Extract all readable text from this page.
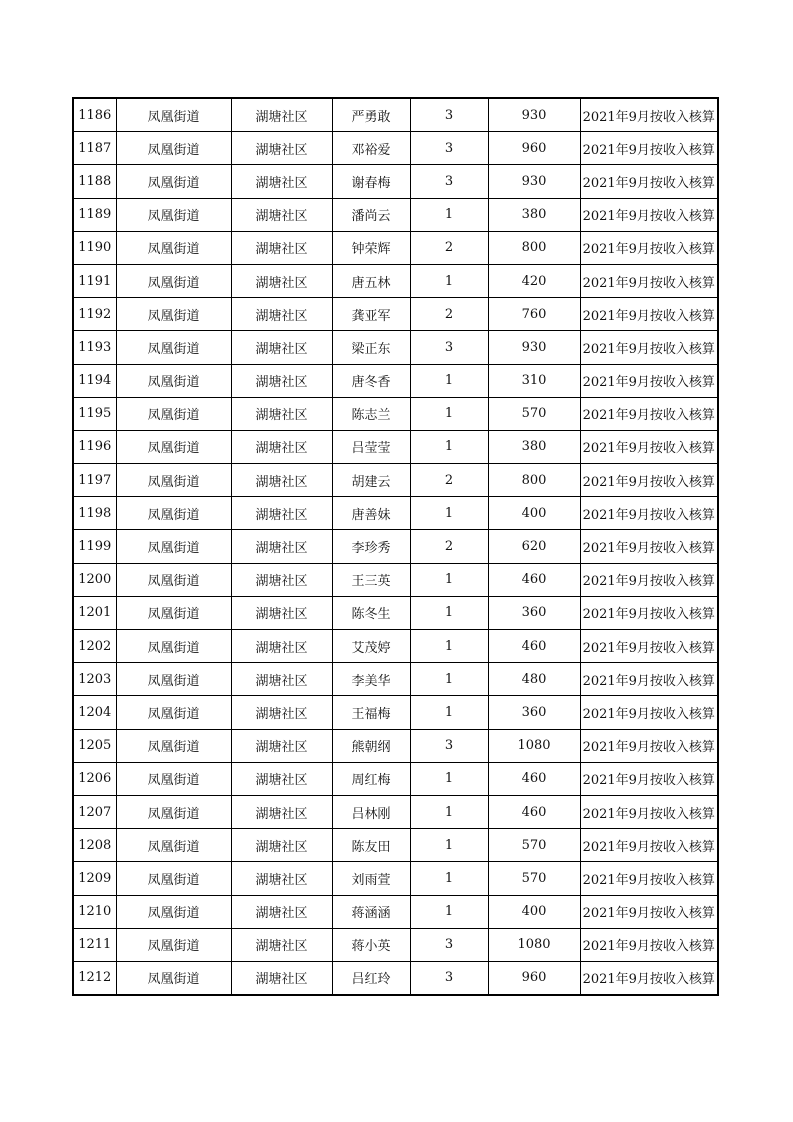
1186	凤凰街道	湖塘社区	严勇敢	3	930	2021年9月按收入核算
1187	凤凰街道	湖塘社区	邓裕爱	3	960	2021年9月按收入核算
1188	凤凰街道	湖塘社区	谢春梅	3	930	2021年9月按收入核算
1189	凤凰街道	湖塘社区	潘尚云	1	380	2021年9月按收入核算
1190	凤凰街道	湖塘社区	钟荣辉	2	800	2021年9月按收入核算
1191	凤凰街道	湖塘社区	唐五林	1	420	2021年9月按收入核算
1192	凤凰街道	湖塘社区	龚亚军	2	760	2021年9月按收入核算
1193	凤凰街道	湖塘社区	梁正东	3	930	2021年9月按收入核算
1194	凤凰街道	湖塘社区	唐冬香	1	310	2021年9月按收入核算
1195	凤凰街道	湖塘社区	陈志兰	1	570	2021年9月按收入核算
1196	凤凰街道	湖塘社区	吕莹莹	1	380	2021年9月按收入核算
1197	凤凰街道	湖塘社区	胡建云	2	800	2021年9月按收入核算
1198	凤凰街道	湖塘社区	唐善妹	1	400	2021年9月按收入核算
1199	凤凰街道	湖塘社区	李珍秀	2	620	2021年9月按收入核算
1200	凤凰街道	湖塘社区	王三英	1	460	2021年9月按收入核算
1201	凤凰街道	湖塘社区	陈冬生	1	360	2021年9月按收入核算
1202	凤凰街道	湖塘社区	艾茂婷	1	460	2021年9月按收入核算
1203	凤凰街道	湖塘社区	李美华	1	480	2021年9月按收入核算
1204	凤凰街道	湖塘社区	王福梅	1	360	2021年9月按收入核算
1205	凤凰街道	湖塘社区	熊朝纲	3	1080	2021年9月按收入核算
1206	凤凰街道	湖塘社区	周红梅	1	460	2021年9月按收入核算
1207	凤凰街道	湖塘社区	吕林刚	1	460	2021年9月按收入核算
1208	凤凰街道	湖塘社区	陈友田	1	570	2021年9月按收入核算
1209	凤凰街道	湖塘社区	刘雨萱	1	570	2021年9月按收入核算
1210	凤凰街道	湖塘社区	蒋涵涵	1	400	2021年9月按收入核算
1211	凤凰街道	湖塘社区	蒋小英	3	1080	2021年9月按收入核算
1212	凤凰街道	湖塘社区	吕红玲	3	960	2021年9月按收入核算
